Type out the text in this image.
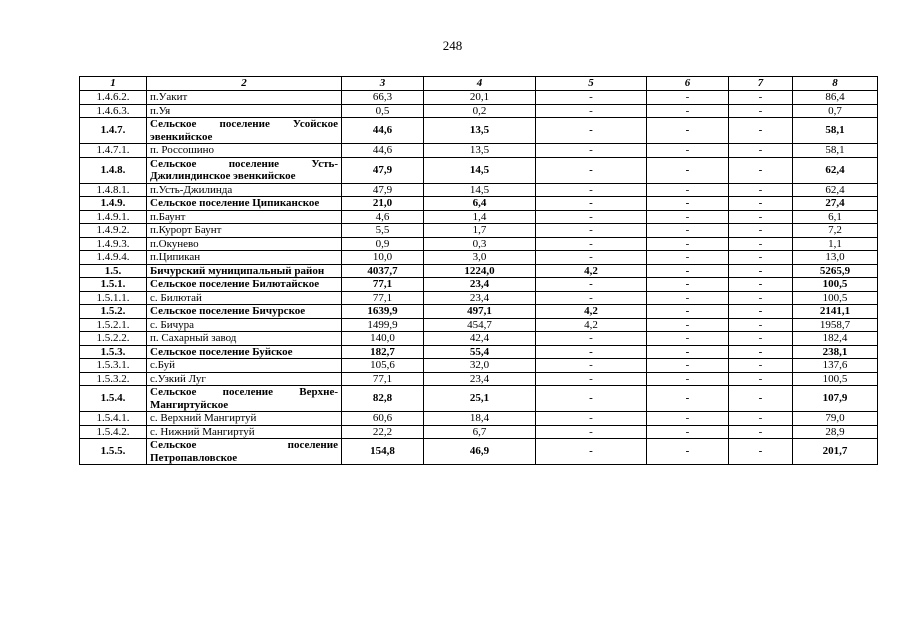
248
1	2	3	4	5	6	7	8
1.4.6.2.	п.Уакит	66,3	20,1	-	-	-	86,4
1.4.6.3.	п.Уя	0,5	0,2	-	-	-	0,7
1.4.7.	Сельское поселение Усойское эвенкийское	44,6	13,5	-	-	-	58,1
1.4.7.1.	п. Россошино	44,6	13,5	-	-	-	58,1
1.4.8.	Сельское поселение Усть-Джилиндинское эвенкийское	47,9	14,5	-	-	-	62,4
1.4.8.1.	п.Усть-Джилинда	47,9	14,5	-	-	-	62,4
1.4.9.	Сельское поселение Ципиканское	21,0	6,4	-	-	-	27,4
1.4.9.1.	п.Баунт	4,6	1,4	-	-	-	6,1
1.4.9.2.	п.Курорт Баунт	5,5	1,7	-	-	-	7,2
1.4.9.3.	п.Окунево	0,9	0,3	-	-	-	1,1
1.4.9.4.	п.Ципикан	10,0	3,0	-	-	-	13,0
1.5.	Бичурский муниципальный район	4037,7	1224,0	4,2	-	-	5265,9
1.5.1.	Сельское поселение Билютайское	77,1	23,4	-	-	-	100,5
1.5.1.1.	с. Билютай	77,1	23,4	-	-	-	100,5
1.5.2.	Сельское поселение Бичурское	1639,9	497,1	4,2	-	-	2141,1
1.5.2.1.	с. Бичура	1499,9	454,7	4,2	-	-	1958,7
1.5.2.2.	п. Сахарный завод	140,0	42,4	-	-	-	182,4
1.5.3.	Сельское поселение Буйское	182,7	55,4	-	-	-	238,1
1.5.3.1.	с.Буй	105,6	32,0	-	-	-	137,6
1.5.3.2.	с.Узкий Луг	77,1	23,4	-	-	-	100,5
1.5.4.	Сельское поселение Верхне-Мангиртуйское	82,8	25,1	-	-	-	107,9
1.5.4.1.	с. Верхний Мангиртуй	60,6	18,4	-	-	-	79,0
1.5.4.2.	с. Нижний Мангиртуй	22,2	6,7	-	-	-	28,9
1.5.5.	Сельское поселение Петропавловское	154,8	46,9	-	-	-	201,7
